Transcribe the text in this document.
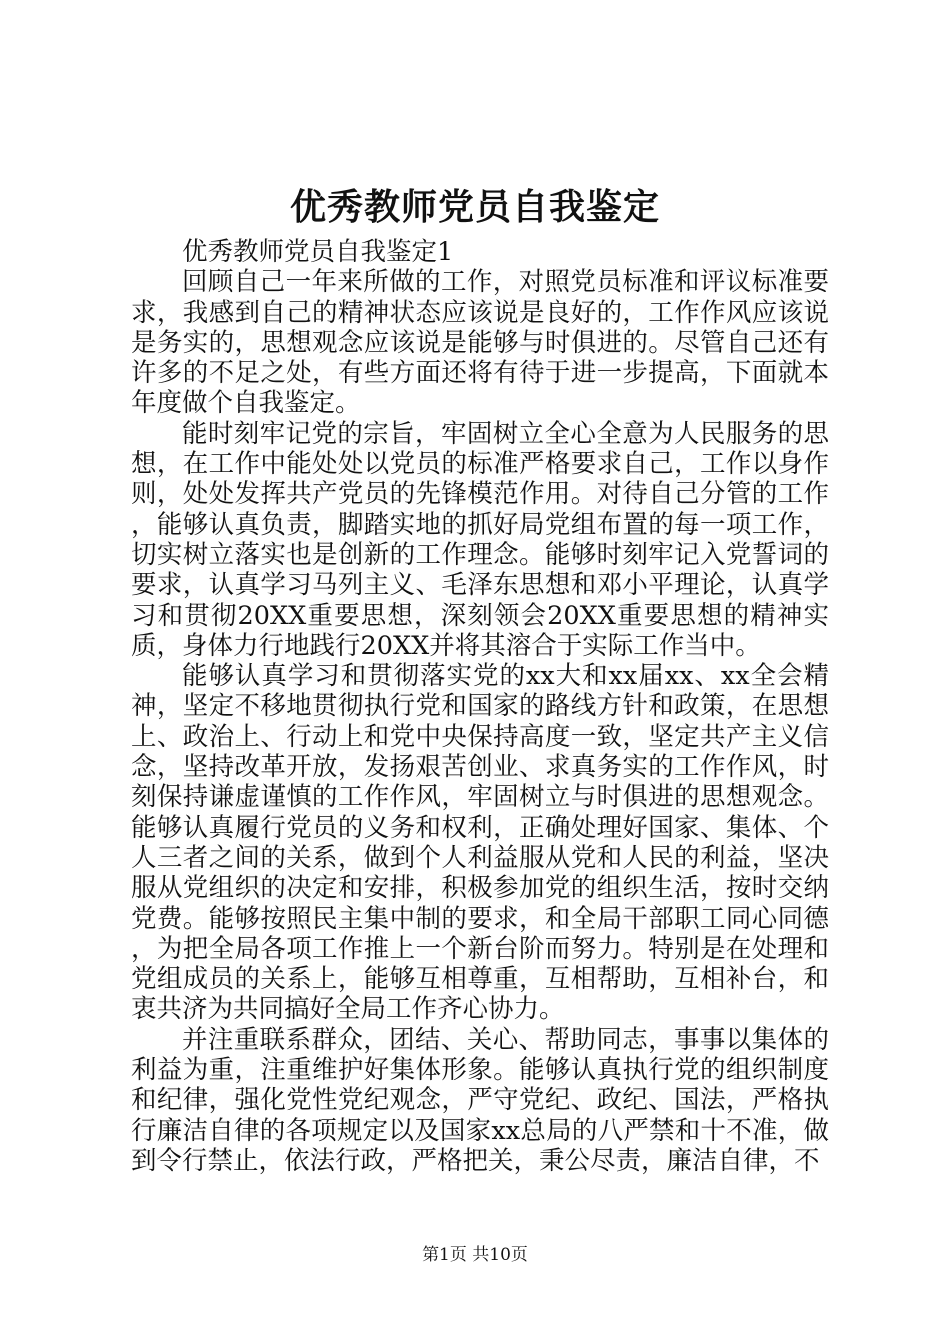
优秀教师党员自我鉴定

优秀教师党员自我鉴定1

回顾自己一年来所做的工作，对照党员标准和评议标准要求，我感到自己的精神状态应该说是良好的，工作作风应该说是务实的，思想观念应该说是能够与时俱进的。尽管自己还有许多的不足之处，有些方面还将有待于进一步提高，下面就本年度做个自我鉴定。

能时刻牢记党的宗旨，牢固树立全心全意为人民服务的思想，在工作中能处处以党员的标准严格要求自己，工作以身作则，处处发挥共产党员的先锋模范作用。对待自己分管的工作，能够认真负责，脚踏实地的抓好局党组布置的每一项工作，切实树立落实也是创新的工作理念。能够时刻牢记入党誓词的要求，认真学习马列主义、毛泽东思想和邓小平理论，认真学习和贯彻20XX重要思想，深刻领会20XX重要思想的精神实质，身体力行地践行20XX并将其溶合于实际工作当中。

能够认真学习和贯彻落实党的xx大和xx届xx、xx全会精神，坚定不移地贯彻执行党和国家的路线方针和政策，在思想上、政治上、行动上和党中央保持高度一致，坚定共产主义信念，坚持改革开放，发扬艰苦创业、求真务实的工作作风，时刻保持谦虚谨慎的工作作风，牢固树立与时俱进的思想观念。能够认真履行党员的义务和权利，正确处理好国家、集体、个人三者之间的关系，做到个人利益服从党和人民的利益，坚决服从党组织的决定和安排，积极参加党的组织生活，按时交纳党费。能够按照民主集中制的要求，和全局干部职工同心同德，为把全局各项工作推上一个新台阶而努力。特别是在处理和党组成员的关系上，能够互相尊重，互相帮助，互相补台，和衷共济为共同搞好全局工作齐心协力。

并注重联系群众，团结、关心、帮助同志，事事以集体的利益为重，注重维护好集体形象。能够认真执行党的组织制度和纪律，强化党性党纪观念，严守党纪、政纪、国法，严格执行廉洁自律的各项规定以及国家xx总局的八严禁和十不准，做到令行禁止，依法行政，严格把关，秉公尽责，廉洁自律，不

第1页 共10页
